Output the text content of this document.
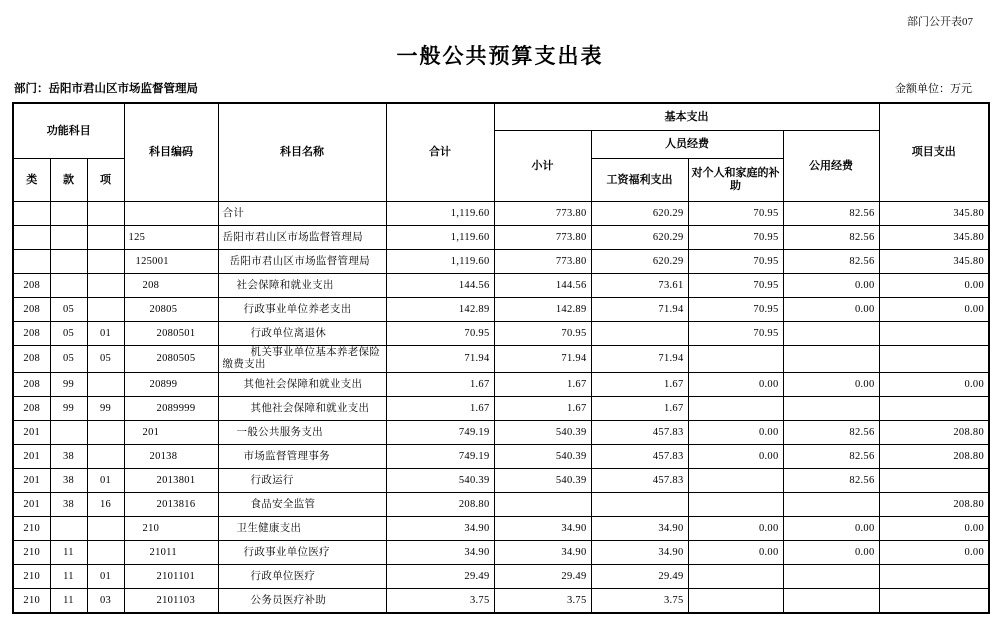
部门公开表07
一般公共预算支出表
部门：岳阳市君山区市场监督管理局	金额单位：万元
功能科目			科目编码	科目名称	合计	基本支出				项目支出
						小计	人员经费		公用经费	
类	款	项					工资福利支出	对个人和家庭的补助		
				合计	1,119.60	773.80	620.29	70.95	82.56	345.80
			125	岳阳市君山区市场监督管理局	1,119.60	773.80	620.29	70.95	82.56	345.80
			125001	岳阳市君山区市场监督管理局	1,119.60	773.80	620.29	70.95	82.56	345.80
208			208	社会保障和就业支出	144.56	144.56	73.61	70.95	0.00	0.00
208	05		20805	行政事业单位养老支出	142.89	142.89	71.94	70.95	0.00	0.00
208	05	01	2080501	行政单位离退休	70.95	70.95		70.95		
208	05	05	2080505	机关事业单位基本养老保险缴费支出	71.94	71.94	71.94			
208	99		20899	其他社会保障和就业支出	1.67	1.67	1.67	0.00	0.00	0.00
208	99	99	2089999	其他社会保障和就业支出	1.67	1.67	1.67			
201			201	一般公共服务支出	749.19	540.39	457.83	0.00	82.56	208.80
201	38		20138	市场监督管理事务	749.19	540.39	457.83	0.00	82.56	208.80
201	38	01	2013801	行政运行	540.39	540.39	457.83		82.56	
201	38	16	2013816	食品安全监管	208.80					208.80
210			210	卫生健康支出	34.90	34.90	34.90	0.00	0.00	0.00
210	11		21011	行政事业单位医疗	34.90	34.90	34.90	0.00	0.00	0.00
210	11	01	2101101	行政单位医疗	29.49	29.49	29.49			
210	11	03	2101103	公务员医疗补助	3.75	3.75	3.75			
